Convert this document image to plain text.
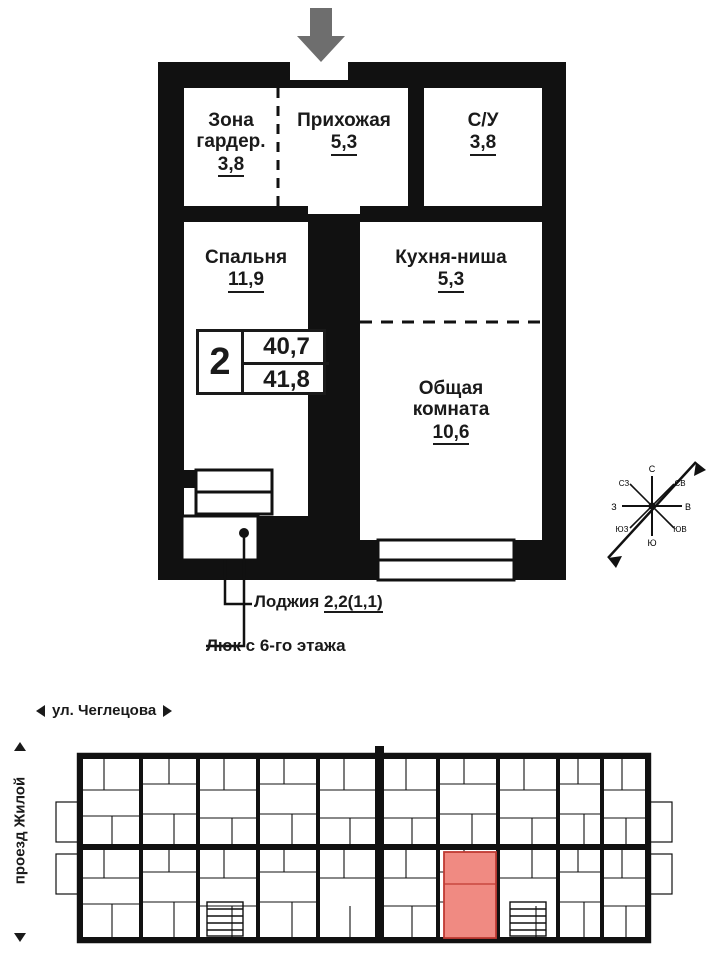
Зона
гардер.
3,8
Прихожая
5,3
С/У
3,8
Спальня
11,9
Кухня-ниша
5,3
Общая
комната
10,6
2	40,7
41,8
Лоджия 2,2(1,1)
Люк с 6-го этажа
С
СВ
В
ЮВ
Ю
ЮЗ
З
СЗ
ул. Чеглецова
проезд Жилой
